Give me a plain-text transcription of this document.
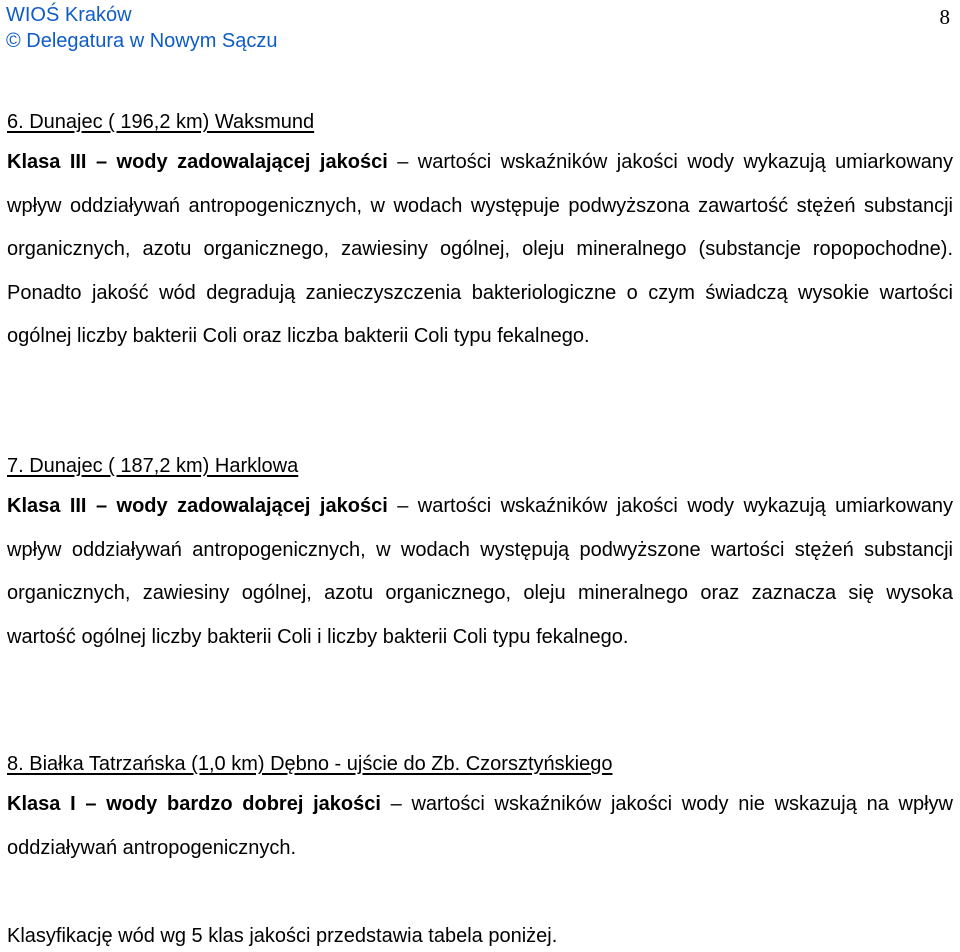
WIOŚ Kraków
© Delegatura w Nowym Sączu
8
6. Dunajec ( 196,2 km) Waksmund
Klasa III – wody zadowalającej jakości – wartości wskaźników jakości wody wykazują umiarkowany wpływ oddziaływań antropogenicznych, w wodach występuje podwyższona zawartość stężeń substancji organicznych, azotu organicznego, zawiesiny ogólnej, oleju mineralnego (substancje ropopochodne). Ponadto jakość wód degradują zanieczyszczenia bakteriologiczne o czym świadczą wysokie wartości ogólnej liczby bakterii Coli oraz liczba bakterii Coli typu fekalnego.
7. Dunajec ( 187,2 km) Harklowa
Klasa III – wody zadowalającej jakości – wartości wskaźników jakości wody wykazują umiarkowany wpływ oddziaływań antropogenicznych, w wodach występują podwyższone wartości stężeń substancji organicznych, zawiesiny ogólnej, azotu organicznego, oleju mineralnego oraz zaznacza się wysoka wartość ogólnej liczby bakterii Coli i liczby bakterii Coli typu fekalnego.
8. Białka Tatrzańska (1,0 km) Dębno - ujście do Zb. Czorsztyńskiego
Klasa I – wody bardzo dobrej jakości – wartości wskaźników jakości wody nie wskazują na wpływ oddziaływań antropogenicznych.
Klasyfikację wód wg 5 klas jakości przedstawia tabela poniżej.
